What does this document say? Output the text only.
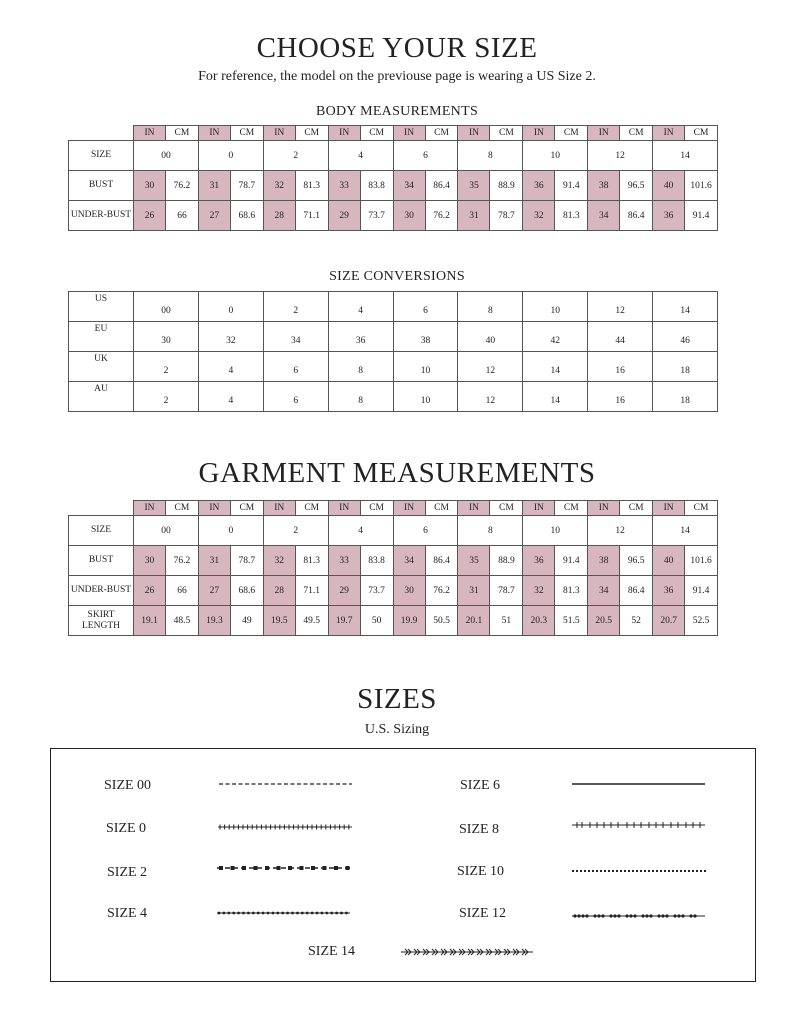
CHOOSE YOUR SIZE
For reference, the model on the previouse page is wearing a US Size 2.
BODY MEASUREMENTS
	IN	CM	IN	CM	IN	CM	IN	CM	IN	CM	IN	CM	IN	CM	IN	CM	IN	CM
SIZE	00		0		2		4		6		8		10		12		14	
BUST	30	76.2	31	78.7	32	81.3	33	83.8	34	86.4	35	88.9	36	91.4	38	96.5	40	101.6
UNDER-BUST	26	66	27	68.6	28	71.1	29	73.7	30	76.2	31	78.7	32	81.3	34	86.4	36	91.4
SIZE CONVERSIONS
US	00	0	2	4	6	8	10	12	14
EU	30	32	34	36	38	40	42	44	46
UK	2	4	6	8	10	12	14	16	18
AU	2	4	6	8	10	12	14	16	18
GARMENT MEASUREMENTS
	IN	CM	IN	CM	IN	CM	IN	CM	IN	CM	IN	CM	IN	CM	IN	CM	IN	CM
SIZE	00		0		2		4		6		8		10		12		14	
BUST	30	76.2	31	78.7	32	81.3	33	83.8	34	86.4	35	88.9	36	91.4	38	96.5	40	101.6
UNDER-BUST	26	66	27	68.6	28	71.1	29	73.7	30	76.2	31	78.7	32	81.3	34	86.4	36	91.4
SKIRT LENGTH	19.1	48.5	19.3	49	19.5	49.5	19.7	50	19.9	50.5	20.1	51	20.3	51.5	20.5	52	20.7	52.5
SIZES
U.S. Sizing
SIZE 00
SIZE 0
SIZE 2
SIZE 4
SIZE 6
SIZE 8
SIZE 10
SIZE 12
SIZE 14
